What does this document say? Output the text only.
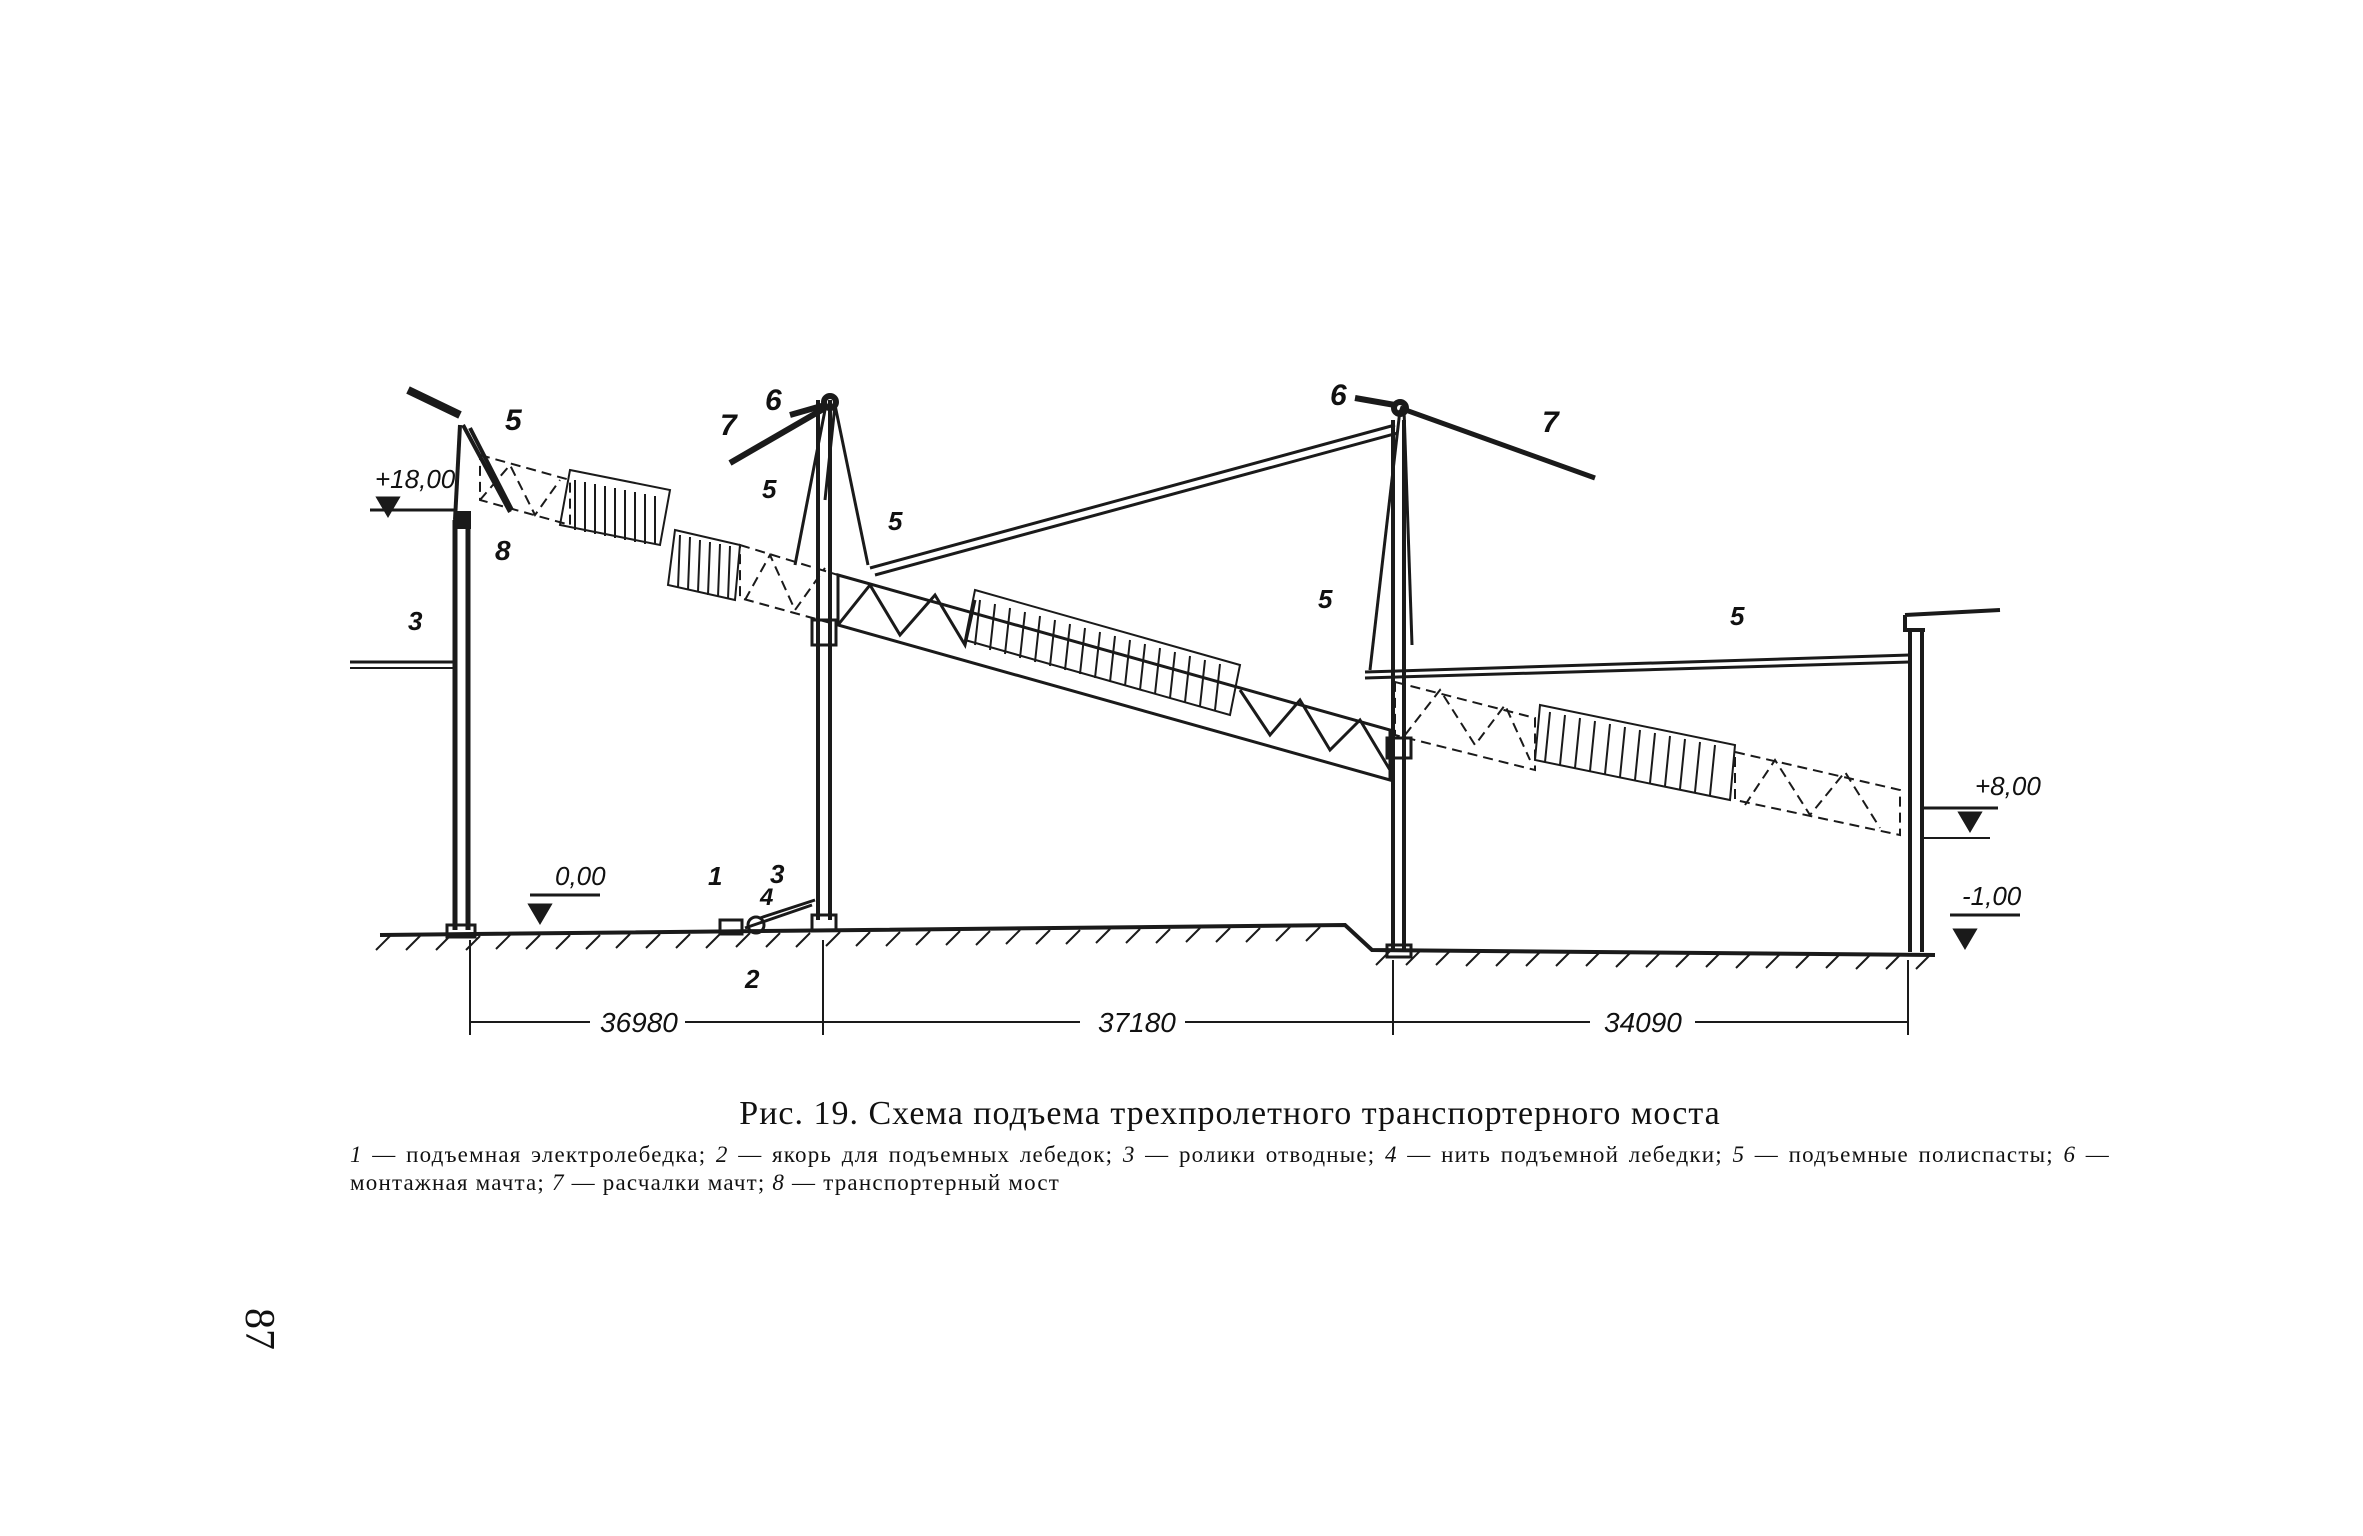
5
8
3
6
7
5
5
6
7
5
5
1 3
4
2
+18,00
+8,00
0,00
-1,00
36980	37180	34090
Рис. 19. Схема подъема трехпролетного транспортерного моста
1 — подъемная электролебедка; 2 — якорь для подъемных лебедок; 3 — ролики отводные; 4 — нить подъемной лебедки; 5 — подъемные полиспасты; 6 — монтажная мачта; 7 — расчалки мачт; 8 — транспортерный мост
87
